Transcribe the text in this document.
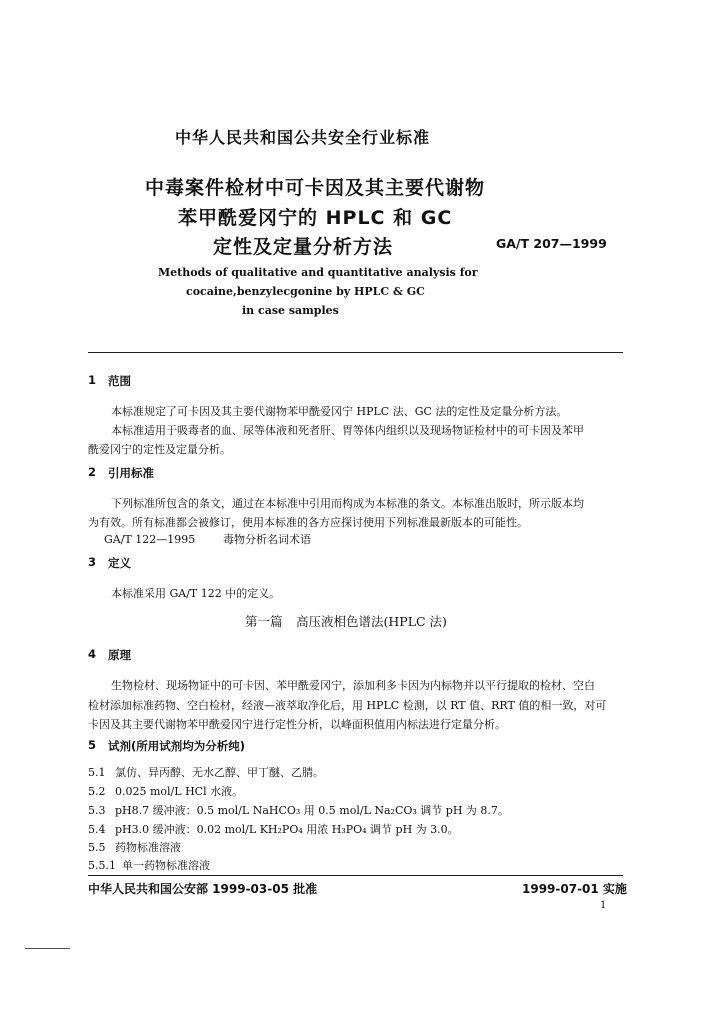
中华人民共和国公共安全行业标准
中毒案件检材中可卡因及其主要代谢物
苯甲酰爱冈宁的 HPLC 和 GC
定性及定量分析方法	GA/T 207—1999
Methods of qualitative and quantitative analysis for
cocaine,benzylecgonine by HPLC & GC
in case samples
1 范围
本标准规定了可卡因及其主要代谢物苯甲酰爱冈宁 HPLC 法、GC 法的定性及定量分析方法。
本标准适用于吸毒者的血、尿等体液和死者肝、胃等体内组织以及现场物证检材中的可卡因及苯甲
酰爱冈宁的定性及定量分析。
2 引用标准
下列标准所包含的条文，通过在本标准中引用而构成为本标准的条文。本标准出版时，所示版本均
为有效。所有标准都会被修订，使用本标准的各方应探讨使用下列标准最新版本的可能性。
GA/T 122—1995	毒物分析名词术语
3 定义
本标准采用 GA/T 122 中的定义。
第一篇 高压液相色谱法(HPLC 法)
4 原理
生物检材、现场物证中的可卡因、苯甲酰爱冈宁，添加利多卡因为内标物并以平行提取的检材、空白
检材添加标准药物、空白检材，经液—液萃取净化后，用 HPLC 检测，以 RT 值、RRT 值的相一致，对可
卡因及其主要代谢物苯甲酰爱冈宁进行定性分析，以峰面积值用内标法进行定量分析。
5 试剂(所用试剂均为分析纯)
5.1 氯仿、异丙醇、无水乙醇、甲丁醚、乙腈。
5.2 0.025 mol/L HCl 水液。
5.3 pH8.7 缓冲液：0.5 mol/L NaHCO₃ 用 0.5 mol/L Na₂CO₃ 调节 pH 为 8.7。
5.4 pH3.0 缓冲液：0.02 mol/L KH₂PO₄ 用浓 H₃PO₄ 调节 pH 为 3.0。
5.5 药物标准溶液
5.5.1 单一药物标准溶液
中华人民共和国公安部 1999-03-05 批准	1999-07-01 实施
1
